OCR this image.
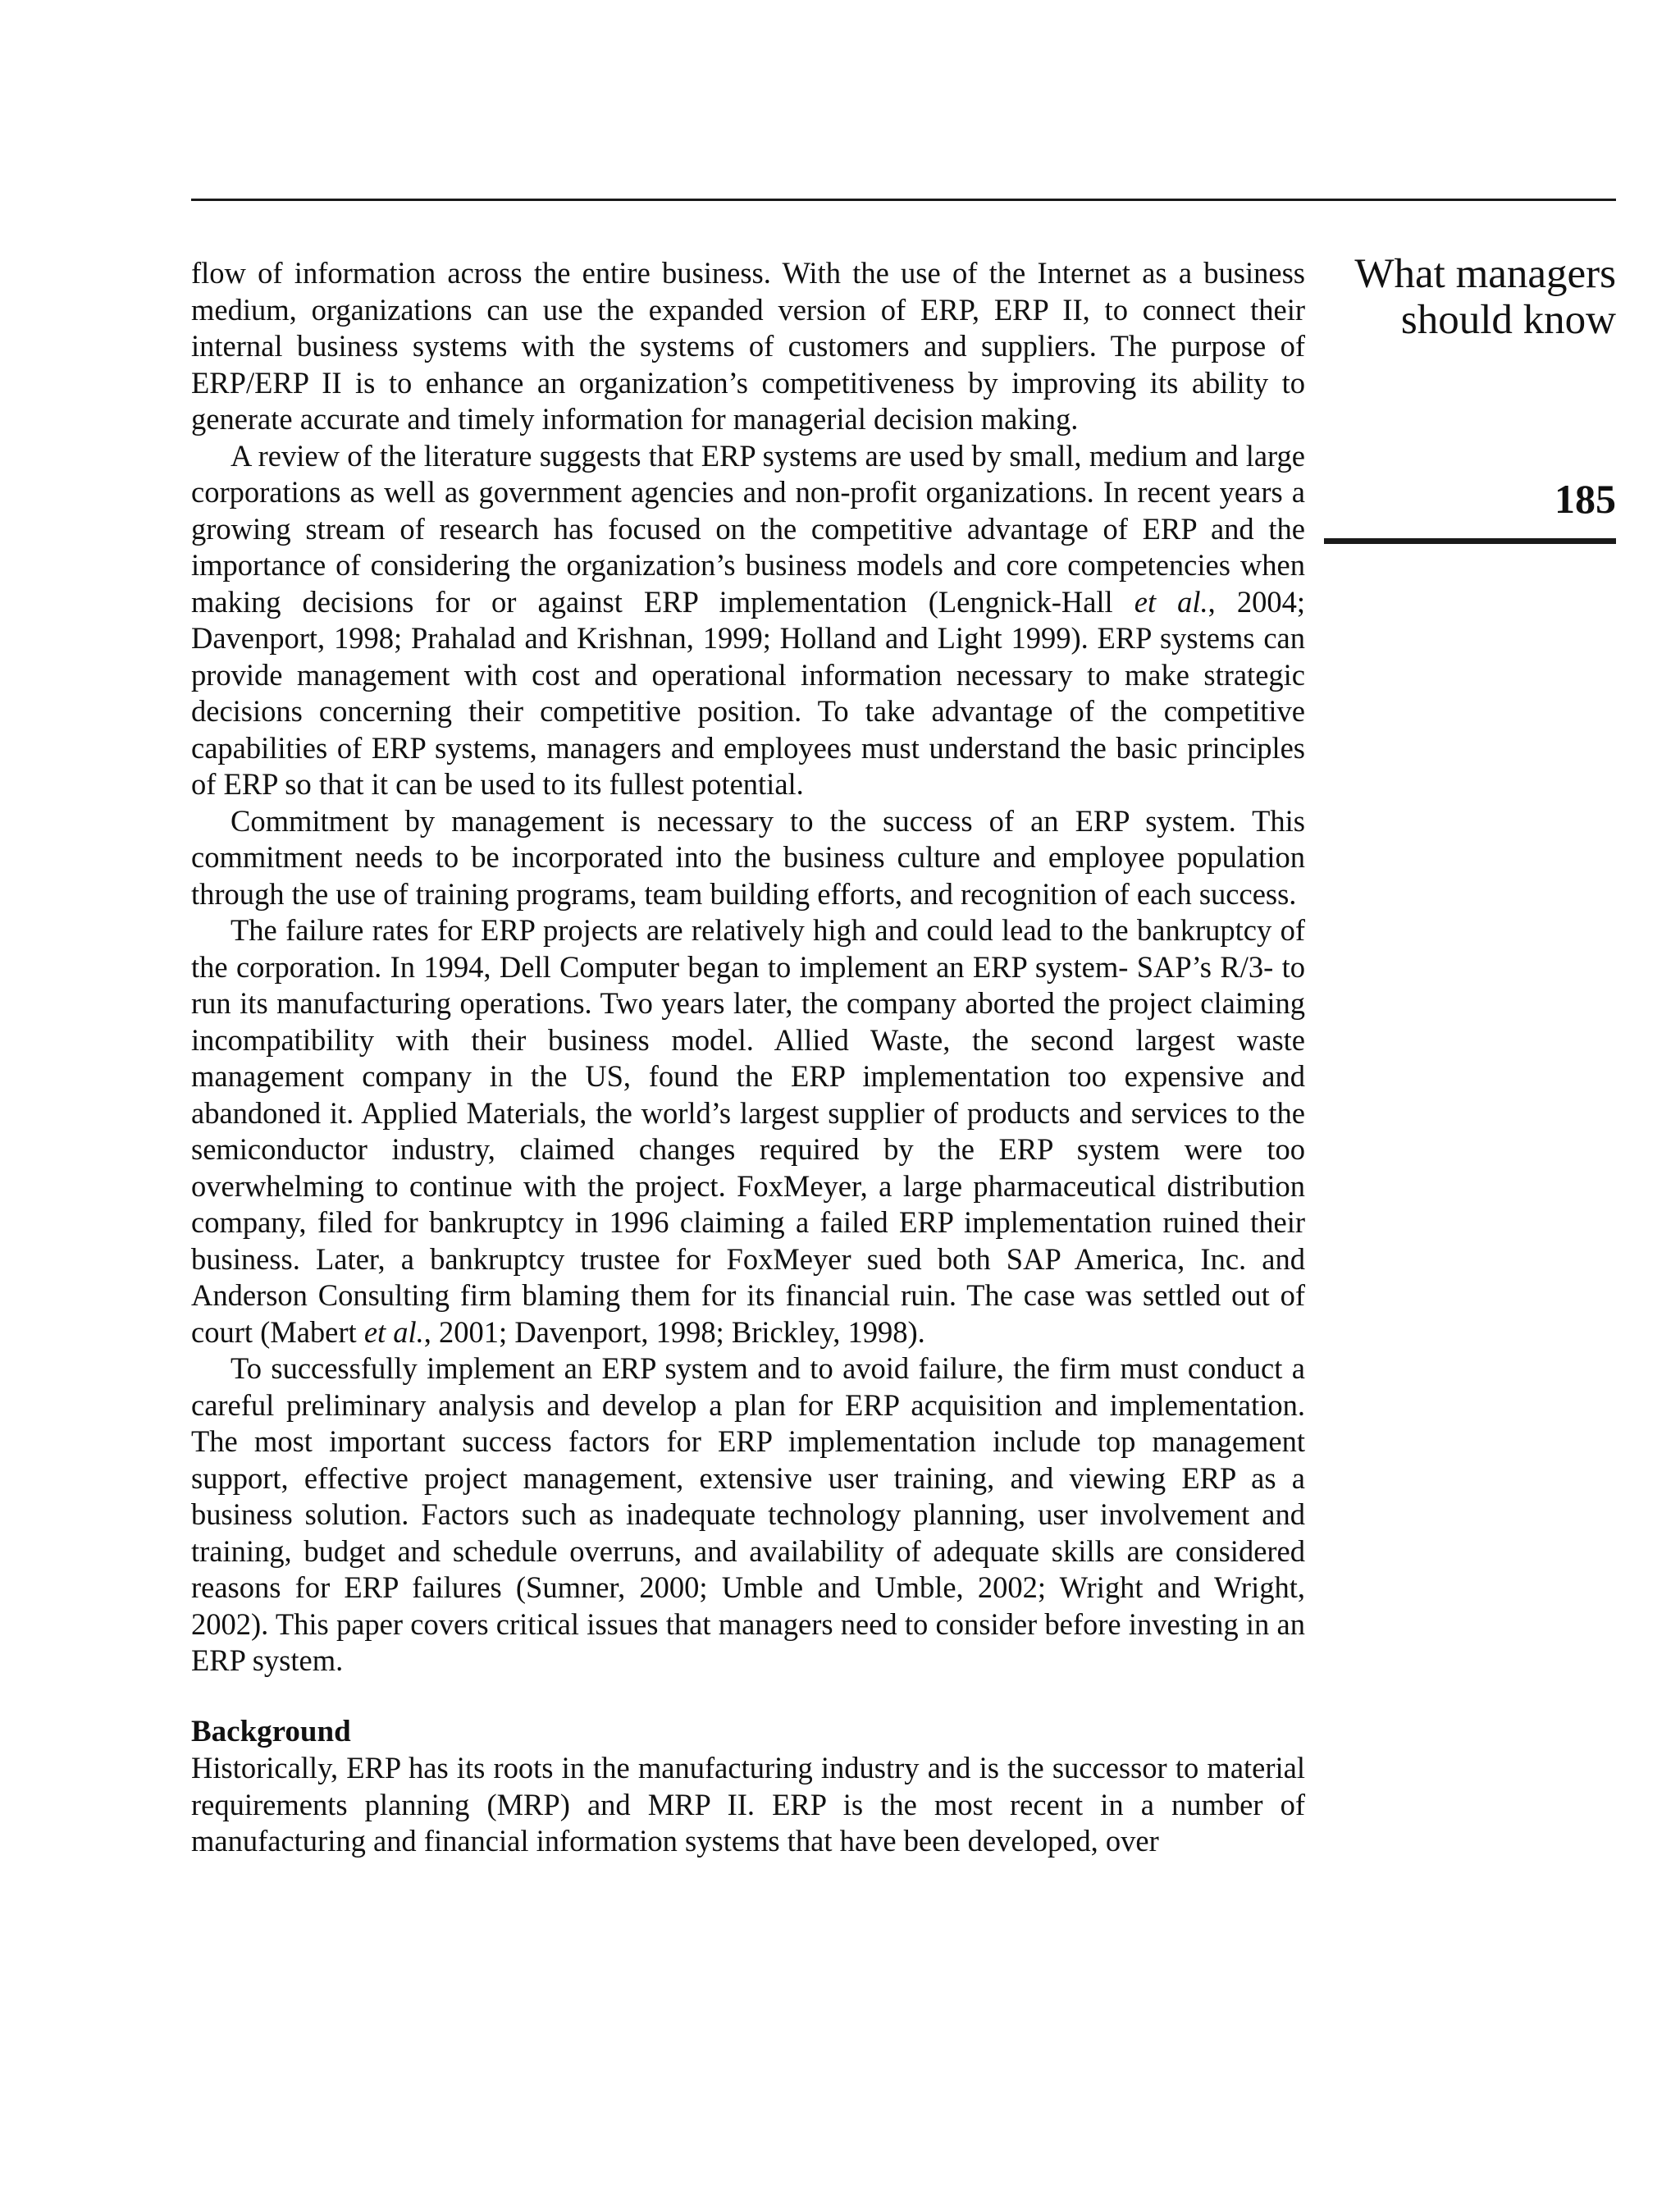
flow of information across the entire business. With the use of the Internet as a business medium, organizations can use the expanded version of ERP, ERP II, to connect their internal business systems with the systems of customers and suppliers. The purpose of ERP/ERP II is to enhance an organization’s competitiveness by improving its ability to generate accurate and timely information for managerial decision making.

A review of the literature suggests that ERP systems are used by small, medium and large corporations as well as government agencies and non-profit organizations. In recent years a growing stream of research has focused on the competitive advantage of ERP and the importance of considering the organization’s business models and core competencies when making decisions for or against ERP implementation (Lengnick-Hall et al., 2004; Davenport, 1998; Prahalad and Krishnan, 1999; Holland and Light 1999). ERP systems can provide management with cost and operational information necessary to make strategic decisions concerning their competitive position. To take advantage of the competitive capabilities of ERP systems, managers and employees must understand the basic principles of ERP so that it can be used to its fullest potential.

Commitment by management is necessary to the success of an ERP system. This commitment needs to be incorporated into the business culture and employee population through the use of training programs, team building efforts, and recognition of each success.

The failure rates for ERP projects are relatively high and could lead to the bankruptcy of the corporation. In 1994, Dell Computer began to implement an ERP system- SAP’s R/3- to run its manufacturing operations. Two years later, the company aborted the project claiming incompatibility with their business model. Allied Waste, the second largest waste management company in the US, found the ERP implementation too expensive and abandoned it. Applied Materials, the world’s largest supplier of products and services to the semiconductor industry, claimed changes required by the ERP system were too overwhelming to continue with the project. FoxMeyer, a large pharmaceutical distribution company, filed for bankruptcy in 1996 claiming a failed ERP implementation ruined their business. Later, a bankruptcy trustee for FoxMeyer sued both SAP America, Inc. and Anderson Consulting firm blaming them for its financial ruin. The case was settled out of court (Mabert et al., 2001; Davenport, 1998; Brickley, 1998).

To successfully implement an ERP system and to avoid failure, the firm must conduct a careful preliminary analysis and develop a plan for ERP acquisition and implementation. The most important success factors for ERP implementation include top management support, effective project management, extensive user training, and viewing ERP as a business solution. Factors such as inadequate technology planning, user involvement and training, budget and schedule overruns, and availability of adequate skills are considered reasons for ERP failures (Sumner, 2000; Umble and Umble, 2002; Wright and Wright, 2002). This paper covers critical issues that managers need to consider before investing in an ERP system.

Background

Historically, ERP has its roots in the manufacturing industry and is the successor to material requirements planning (MRP) and MRP II. ERP is the most recent in a number of manufacturing and financial information systems that have been developed, over

What managers
should know
185
